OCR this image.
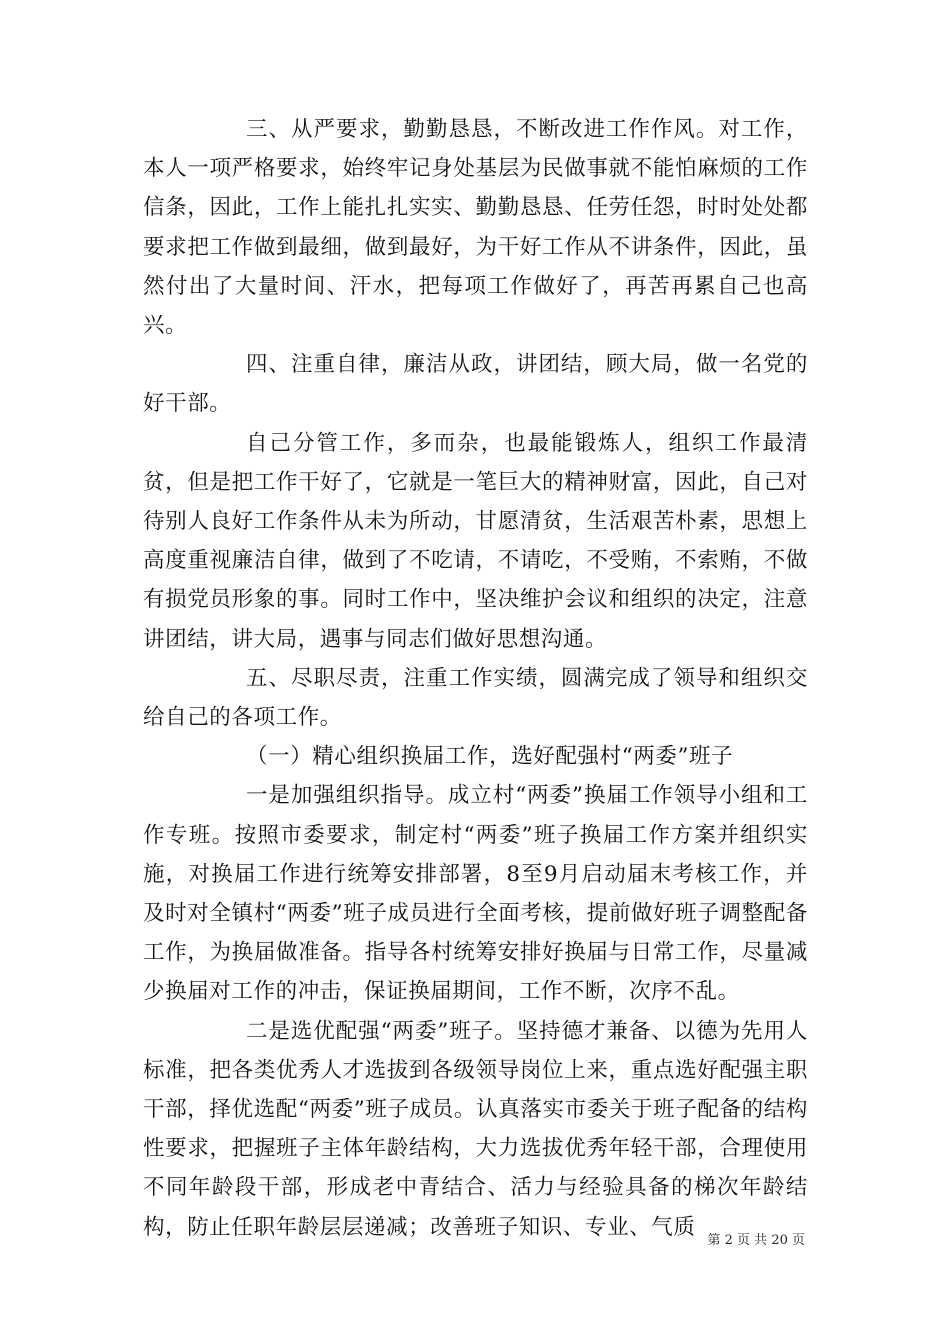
三、从严要求，勤勤恳恳，不断改进工作作风。对工作，本人一项严格要求，始终牢记身处基层为民做事就不能怕麻烦的工作信条，因此，工作上能扎扎实实、勤勤恳恳、任劳任怨，时时处处都要求把工作做到最细，做到最好，为干好工作从不讲条件，因此，虽然付出了大量时间、汗水，把每项工作做好了，再苦再累自己也高兴。

四、注重自律，廉洁从政，讲团结，顾大局，做一名党的好干部。

自己分管工作，多而杂，也最能锻炼人，组织工作最清贫，但是把工作干好了，它就是一笔巨大的精神财富，因此，自己对待别人良好工作条件从未为所动，甘愿清贫，生活艰苦朴素，思想上高度重视廉洁自律，做到了不吃请，不请吃，不受贿，不索贿，不做有损党员形象的事。同时工作中，坚决维护会议和组织的决定，注意讲团结，讲大局，遇事与同志们做好思想沟通。

五、尽职尽责，注重工作实绩，圆满完成了领导和组织交给自己的各项工作。

（一）精心组织换届工作，选好配强村“两委”班子

一是加强组织指导。成立村“两委”换届工作领导小组和工作专班。按照市委要求，制定村“两委”班子换届工作方案并组织实施，对换届工作进行统筹安排部署，8至9月启动届末考核工作，并及时对全镇村“两委”班子成员进行全面考核，提前做好班子调整配备工作，为换届做准备。指导各村统筹安排好换届与日常工作，尽量减少换届对工作的冲击，保证换届期间，工作不断，次序不乱。

二是选优配强“两委”班子。坚持德才兼备、以德为先用人标准，把各类优秀人才选拔到各级领导岗位上来，重点选好配强主职干部，择优选配“两委”班子成员。认真落实市委关于班子配备的结构性要求，把握班子主体年龄结构，大力选拔优秀年轻干部，合理使用不同年龄段干部，形成老中青结合、活力与经验具备的梯次年龄结构，防止任职年龄层层递减；改善班子知识、专业、气质

第 2 页 共 20 页
